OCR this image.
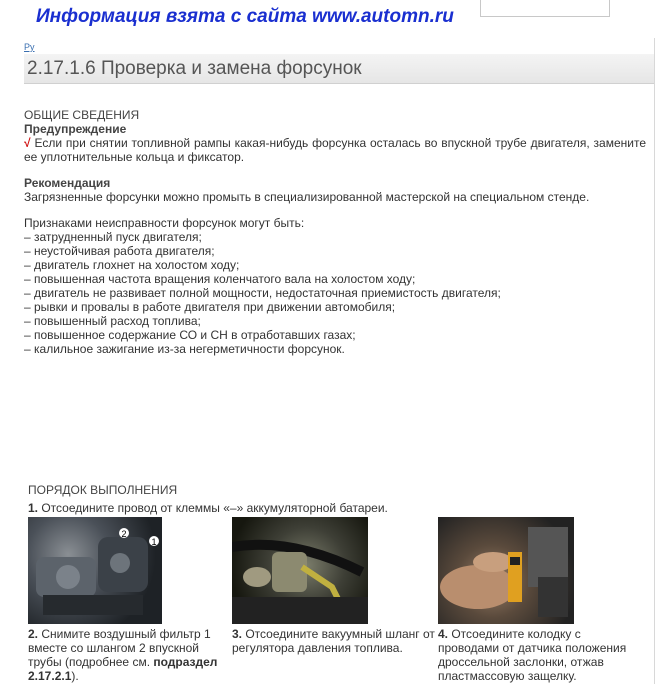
Информация взята с сайта www.automn.ru
Ру
2.17.1.6 Проверка и замена форсунок

ОБЩИЕ СВЕДЕНИЯ

Предупреждение

√ Если при снятии топливной рампы какая-нибудь форсунка осталась во впускной трубе двигателя, замените ее уплотнительные кольца и фиксатор.

Рекомендация

Загрязненные форсунки можно промыть в специализированной мастерской на специальном стенде.

Признаками неисправности форсунок могут быть:

– затрудненный пуск двигателя;

– неустойчивая работа двигателя;

– двигатель глохнет на холостом ходу;

– повышенная частота вращения коленчатого вала на холостом ходу;

– двигатель не развивает полной мощности, недостаточная приемистость двигателя;

– рывки и провалы в работе двигателя при движении автомобиля;

– повышенный расход топлива;

– повышенное содержание СО и СН в отработавших газах;

– калильное зажигание из-за негерметичности форсунок.

ПОРЯДОК ВЫПОЛНЕНИЯ
1. Отсоедините провод от клеммы «–» аккумуляторной батареи.
2
1
2. Снимите воздушный фильтр 1 вместе со шлангом 2 впускной трубы (подробнее см. подраздел 2.17.2.1).
3. Отсоедините вакуумный шланг от регулятора давления топлива.
4. Отсоедините колодку с проводами от датчика положения дроссельной заслонки, отжав пластмассовую защелку.
